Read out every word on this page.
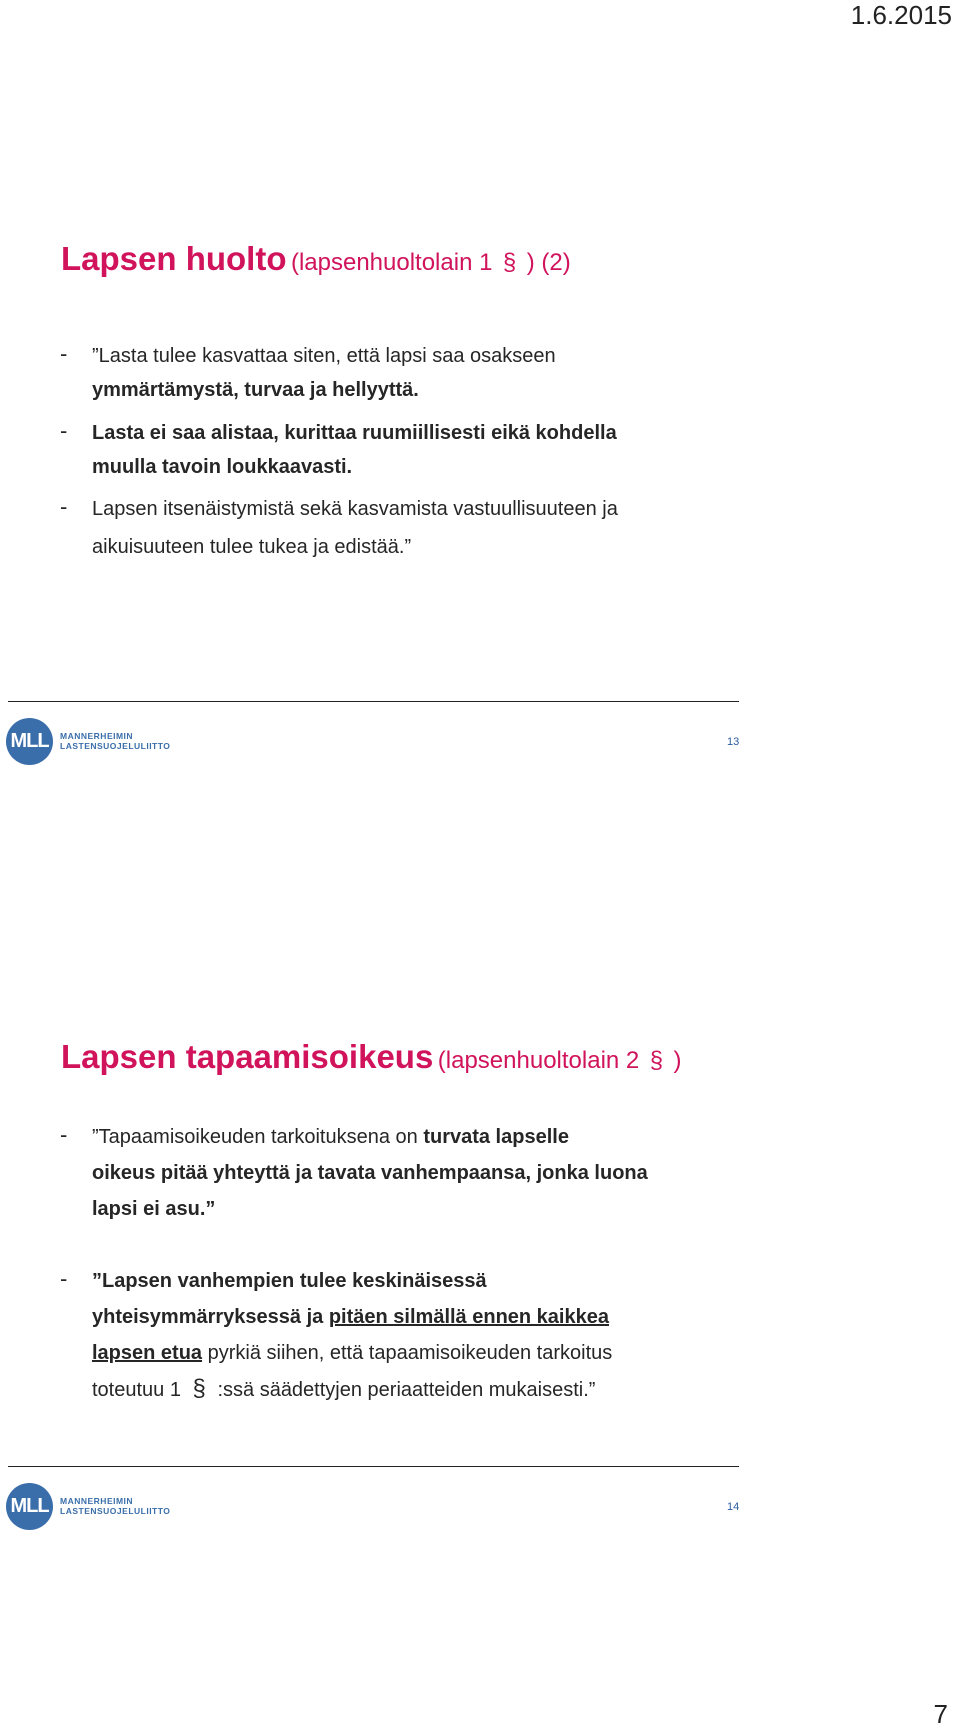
1.6.2015
Lapsen huolto (lapsenhuoltolain 1 § ) (2)
- ”Lasta tulee kasvattaa siten, että lapsi saa osakseen
ymmärtämystä, turvaa ja hellyyttä.
- Lasta ei saa alistaa, kurittaa ruumiillisesti eikä kohdella
muulla tavoin loukkaavasti.
- Lapsen itsenäistymistä sekä kasvamista vastuullisuuteen ja
aikuisuuteen tulee tukea ja edistää.”
MLL	MANNERHEIMIN
LASTENSUOJELULIITTO	13
Lapsen tapaamisoikeus (lapsenhuoltolain 2 § )
- ”Tapaamisoikeuden tarkoituksena on turvata lapselle
oikeus pitää yhteyttä ja tavata vanhempaansa, jonka luona
lapsi ei asu.”
- ”Lapsen vanhempien tulee keskinäisessä
yhteisymmärryksessä ja pitäen silmällä ennen kaikkea
lapsen etua pyrkiä siihen, että tapaamisoikeuden tarkoitus
toteutuu 1 § :ssä säädettyjen periaatteiden mukaisesti.”
MLL	MANNERHEIMIN
LASTENSUOJELULIITTO	14
7
